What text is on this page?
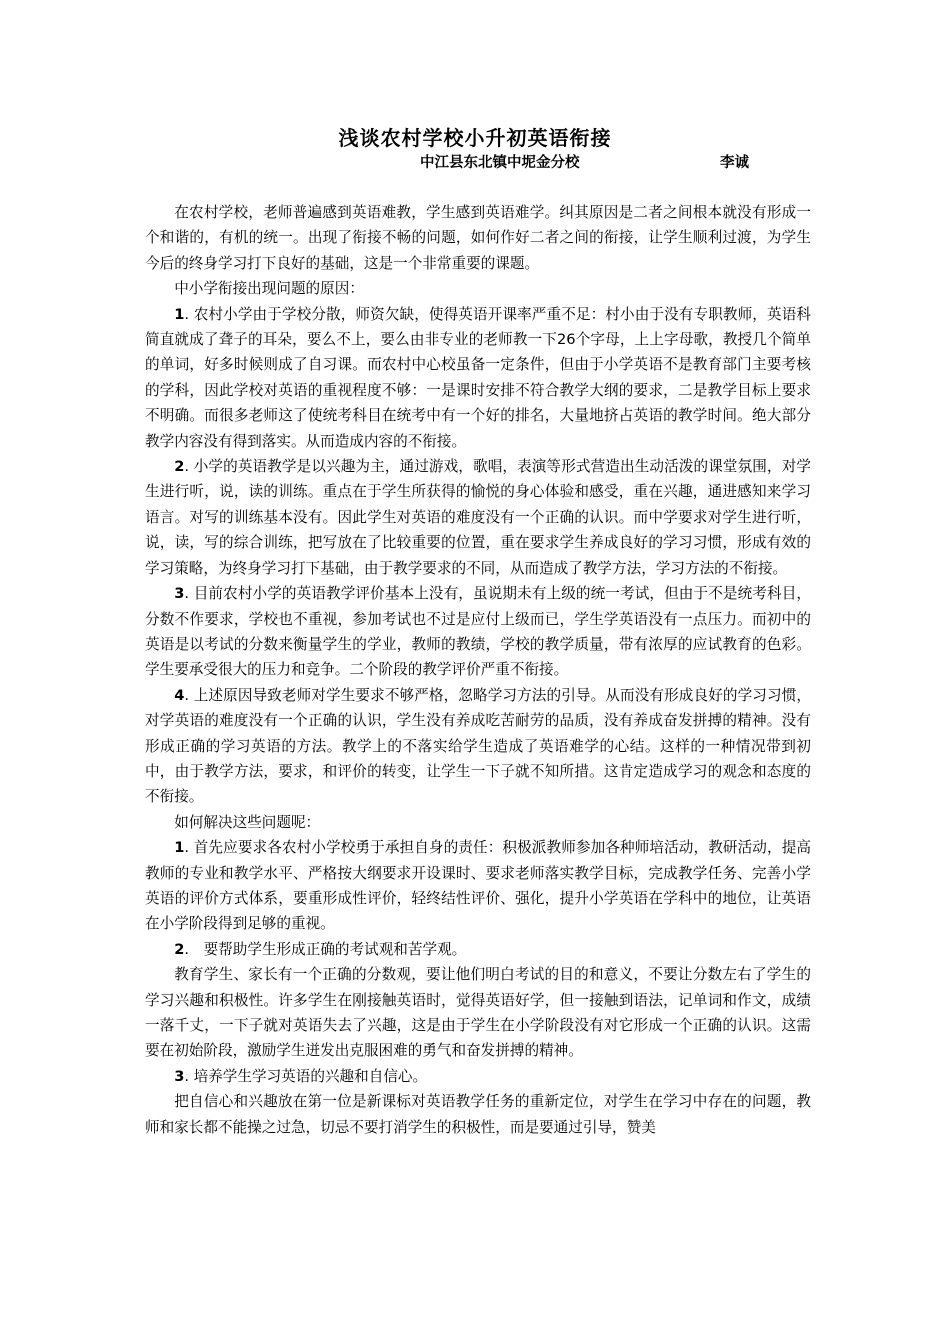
浅谈农村学校小升初英语衔接
中江县东北镇中坭金分校	李诚

在农村学校，老师普遍感到英语难教，学生感到英语难学。纠其原因是二者之间根本就没有形成一个和谐的，有机的统一。出现了衔接不畅的问题，如何作好二者之间的衔接，让学生顺利过渡，为学生今后的终身学习打下良好的基础，这是一个非常重要的课题。

中小学衔接出现问题的原因：

1. 农村小学由于学校分散，师资欠缺，使得英语开课率严重不足：村小由于没有专职教师，英语科简直就成了聋子的耳朵，要么不上，要么由非专业的老师教一下26个字母，上上字母歌，教授几个简单的单词，好多时候则成了自习课。而农村中心校虽备一定条件，但由于小学英语不是教育部门主要考核的学科，因此学校对英语的重视程度不够：一是课时安排不符合教学大纲的要求，二是教学目标上要求不明确。而很多老师这了使统考科目在统考中有一个好的排名，大量地挤占英语的教学时间。绝大部分教学内容没有得到落实。从而造成内容的不衔接。

2. 小学的英语教学是以兴趣为主，通过游戏，歌唱，表演等形式营造出生动活泼的课堂氛围，对学生进行听，说，读的训练。重点在于学生所获得的愉悦的身心体验和感受，重在兴趣，通进感知来学习语言。对写的训练基本没有。因此学生对英语的难度没有一个正确的认识。而中学要求对学生进行听，说，读，写的综合训练，把写放在了比较重要的位置，重在要求学生养成良好的学习习惯，形成有效的学习策略，为终身学习打下基础，由于教学要求的不同，从而造成了教学方法，学习方法的不衔接。

3. 目前农村小学的英语教学评价基本上没有，虽说期未有上级的统一考试，但由于不是统考科目，分数不作要求，学校也不重视，参加考试也不过是应付上级而已，学生学英语没有一点压力。而初中的英语是以考试的分数来衡量学生的学业，教师的教绩，学校的教学质量，带有浓厚的应试教育的色彩。学生要承受很大的压力和竞争。二个阶段的教学评价严重不衔接。

4. 上述原因导致老师对学生要求不够严格，忽略学习方法的引导。从而没有形成良好的学习习惯，对学英语的难度没有一个正确的认识，学生没有养成吃苦耐劳的品质，没有养成奋发拼搏的精神。没有形成正确的学习英语的方法。教学上的不落实给学生造成了英语难学的心结。这样的一种情况带到初中，由于教学方法，要求，和评价的转变，让学生一下子就不知所措。这肯定造成学习的观念和态度的不衔接。

如何解决这些问题呢：

1. 首先应要求各农村小学校勇于承担自身的责任：积极派教师参加各种师培活动，教研活动，提高教师的专业和教学水平、严格按大纲要求开设课时、要求老师落实教学目标，完成教学任务、完善小学英语的评价方式体系，要重形成性评价，轻终结性评价、强化，提升小学英语在学科中的地位，让英语在小学阶段得到足够的重视。

2.　要帮助学生形成正确的考试观和苦学观。

教育学生、家长有一个正确的分数观，要让他们明白考试的目的和意义，不要让分数左右了学生的学习兴趣和积极性。许多学生在刚接触英语时，觉得英语好学，但一接触到语法，记单词和作文，成绩一落千丈，一下子就对英语失去了兴趣，这是由于学生在小学阶段没有对它形成一个正确的认识。这需要在初始阶段，激励学生迸发出克服困难的勇气和奋发拼搏的精神。

3. 培养学生学习英语的兴趣和自信心。

把自信心和兴趣放在第一位是新课标对英语教学任务的重新定位，对学生在学习中存在的问题，教师和家长都不能操之过急，切忌不要打消学生的积极性，而是要通过引导，赞美
